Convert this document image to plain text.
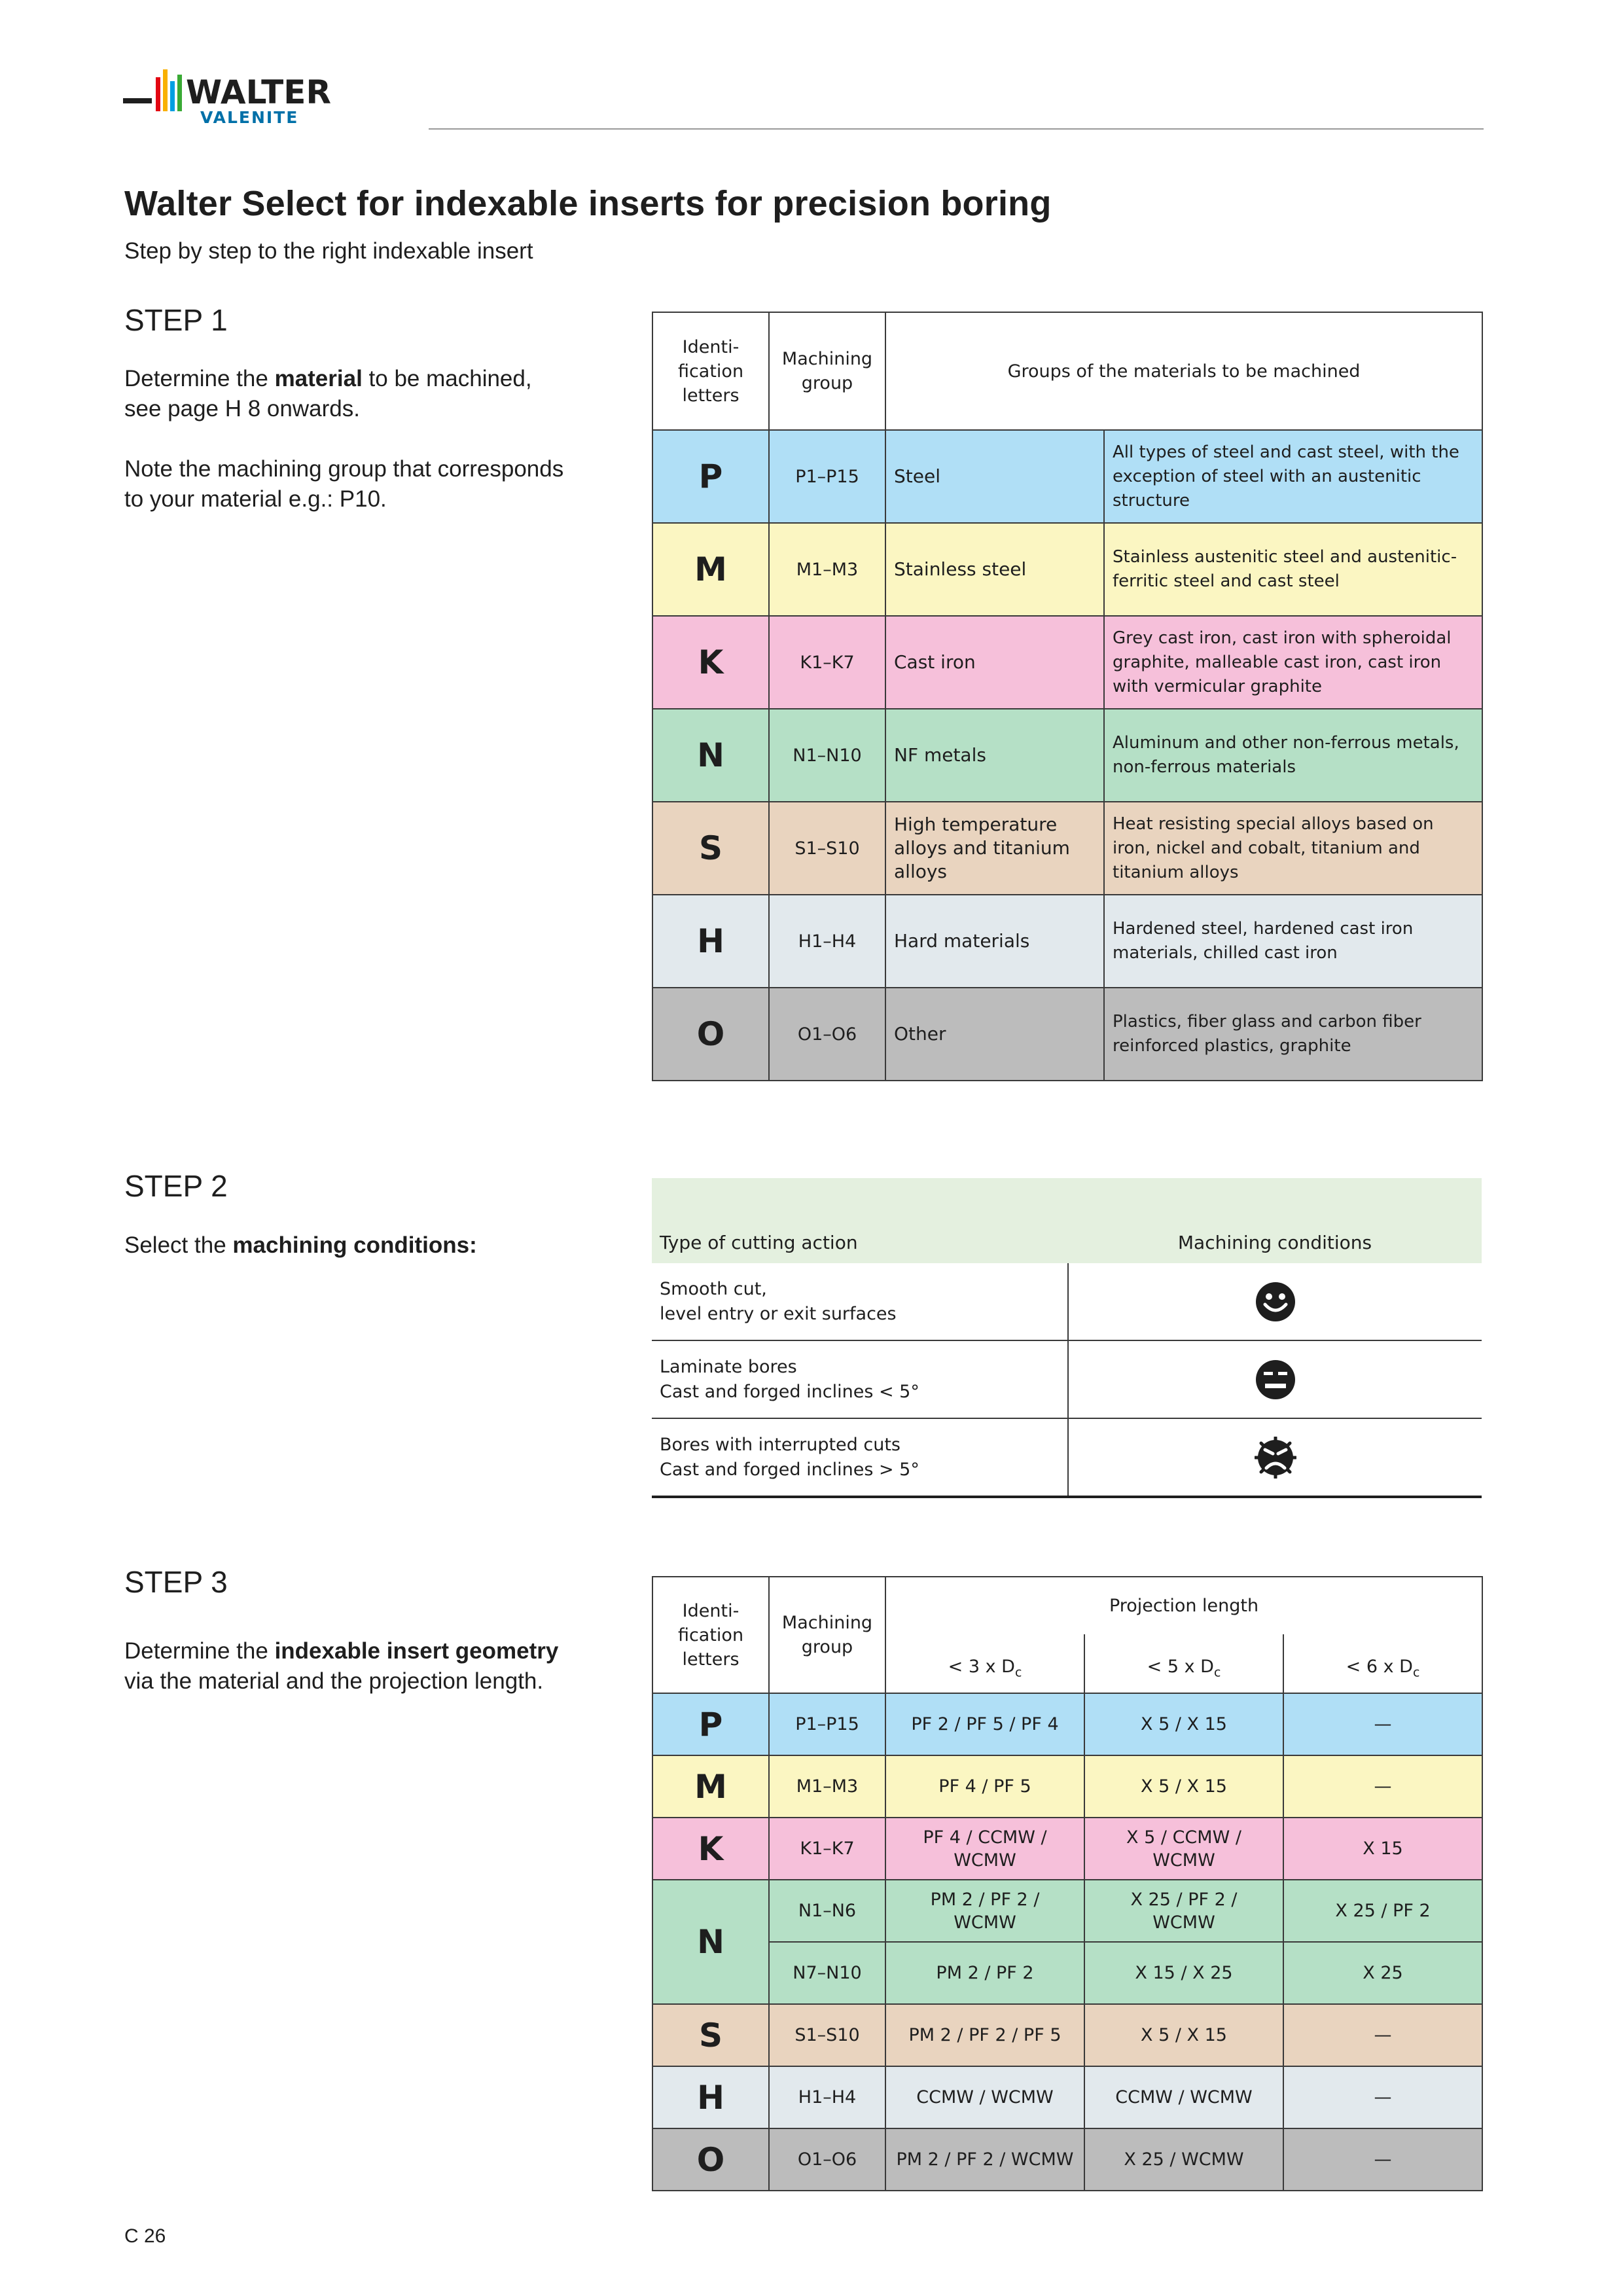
WALTER
VALENITE
Walter Select for indexable inserts for precision boring
Step by step to the right indexable insert
STEP 1

Determine the material to be machined, see page H 8 onwards.

Note the machining group that corresponds to your material e.g.: P10.

Identi-fication letters	Machining group	Groups of the materials to be machined	
P	P1–P15	Steel	All types of steel and cast steel, with the exception of steel with an austenitic structure
M	M1–M3	Stainless steel	Stainless austenitic steel and austenitic-ferritic steel and cast steel
K	K1–K7	Cast iron	Grey cast iron, cast iron with spheroidal graphite, malleable cast iron, cast iron with vermicular graphite
N	N1–N10	NF metals	Aluminum and other non-ferrous metals, non-ferrous materials
S	S1–S10	High temperature alloys and titanium alloys	Heat resisting special alloys based on iron, nickel and cobalt, titanium and titanium alloys
H	H1–H4	Hard materials	Hardened steel, hardened cast iron materials, chilled cast iron
O	O1–O6	Other	Plastics, fiber glass and carbon fiber reinforced plastics, graphite
STEP 2
Select the machining conditions:	Type of cutting action	Machining conditions

Smooth cut,
level entry or exit surfaces

Laminate bores
Cast and forged inclines < 5°

Bores with interrupted cuts
Cast and forged inclines > 5°

STEP 3
Determine the indexable insert geometry
via the material and the projection length.
Identi-fication letters	Machining group	Projection length		
		< 3 x $D_c$	< 5 x $D_c$	< 6 x $D_c$
P	P1–P15	PF 2 / PF 5 / PF 4	X 5 / X 15	—
M	M1–M3	PF 4 / PF 5	X 5 / X 15	—
K	K1–K7	PF 4 / CCMW / WCMW	X 5 / CCMW / WCMW	X 15
N	N1–N6	PM 2 / PF 2 / WCMW	X 25 / PF 2 / WCMW	X 25 / PF 2
	N7–N10	PM 2 / PF 2	X 15 / X 25	X 25
S	S1–S10	PM 2 / PF 2 / PF 5	X 5 / X 15	—
H	H1–H4	CCMW / WCMW	CCMW / WCMW	—
O	O1–O6	PM 2 / PF 2 / WCMW	X 25 / WCMW	—
C 26
